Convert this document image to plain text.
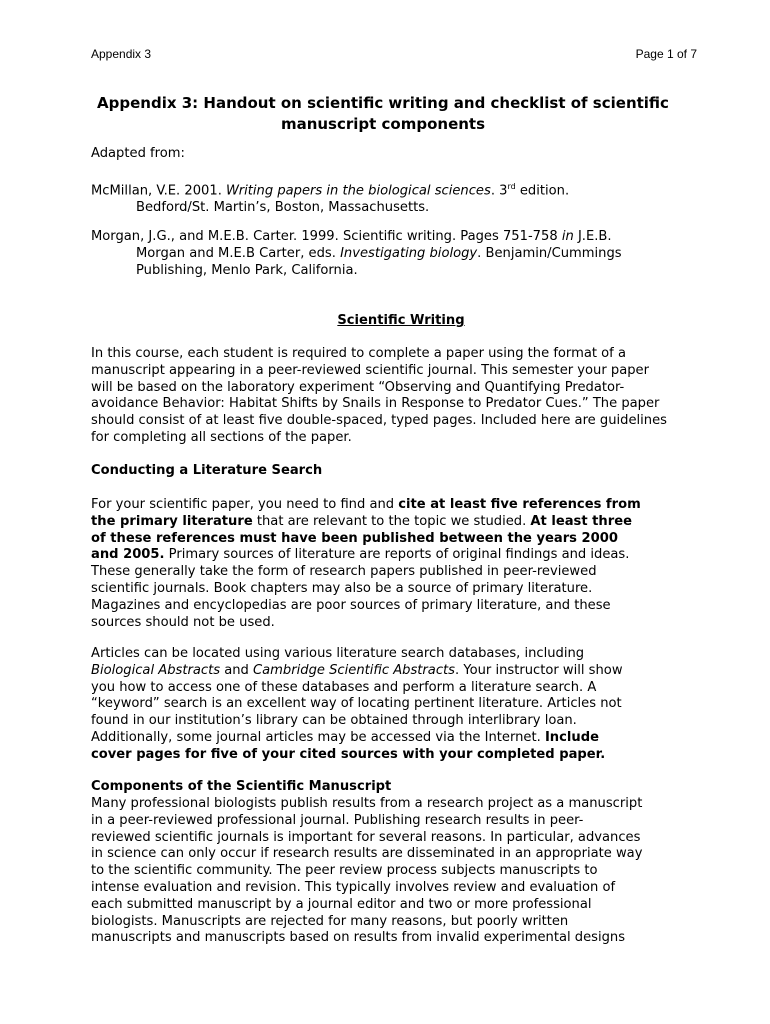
Appendix 3	Page 1 of 7
Appendix 3: Handout on scientific writing and checklist of scientific
manuscript components
Adapted from:

McMillan, V.E. 2001. Writing papers in the biological sciences. 3rd edition.
Bedford/St. Martin’s, Boston, Massachusetts.

Morgan, J.G., and M.E.B. Carter. 1999. Scientific writing. Pages 751-758 in J.E.B.
Morgan and M.E.B Carter, eds. Investigating biology. Benjamin/Cummings
Publishing, Menlo Park, California.

Scientific Writing
In this course, each student is required to complete a paper using the format of a
manuscript appearing in a peer-reviewed scientific journal. This semester your paper
will be based on the laboratory experiment “Observing and Quantifying Predator-
avoidance Behavior: Habitat Shifts by Snails in Response to Predator Cues.” The paper
should consist of at least five double-spaced, typed pages. Included here are guidelines
for completing all sections of the paper.
Conducting a Literature Search
For your scientific paper, you need to find and cite at least five references from
the primary literature that are relevant to the topic we studied. At least three
of these references must have been published between the years 2000
and 2005. Primary sources of literature are reports of original findings and ideas.
These generally take the form of research papers published in peer-reviewed
scientific journals. Book chapters may also be a source of primary literature.
Magazines and encyclopedias are poor sources of primary literature, and these
sources should not be used.
Articles can be located using various literature search databases, including
Biological Abstracts and Cambridge Scientific Abstracts. Your instructor will show
you how to access one of these databases and perform a literature search. A
“keyword” search is an excellent way of locating pertinent literature. Articles not
found in our institution’s library can be obtained through interlibrary loan.
Additionally, some journal articles may be accessed via the Internet. Include
cover pages for five of your cited sources with your completed paper.
Components of the Scientific Manuscript
Many professional biologists publish results from a research project as a manuscript
in a peer-reviewed professional journal. Publishing research results in peer-
reviewed scientific journals is important for several reasons. In particular, advances
in science can only occur if research results are disseminated in an appropriate way
to the scientific community. The peer review process subjects manuscripts to
intense evaluation and revision. This typically involves review and evaluation of
each submitted manuscript by a journal editor and two or more professional
biologists. Manuscripts are rejected for many reasons, but poorly written
manuscripts and manuscripts based on results from invalid experimental designs
